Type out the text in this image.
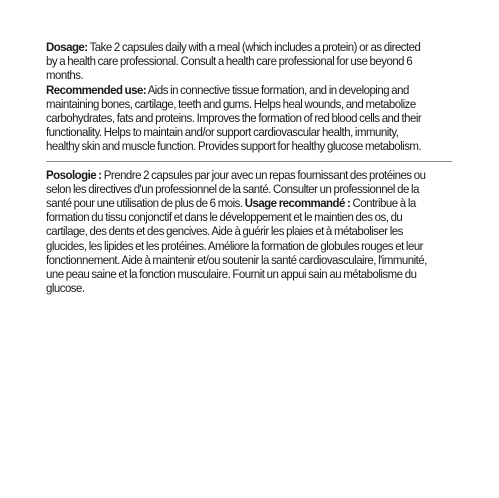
Dosage: Take 2 capsules daily with a meal (which includes a protein) or as directed by a health care professional. Consult a health care professional for use beyond 6 months.
Recommended use: Aids in connective tissue formation, and in developing and maintaining bones, cartilage, teeth and gums. Helps heal wounds, and metabolize carbohydrates, fats and proteins. Improves the formation of red blood cells and their functionality. Helps to maintain and/or support cardiovascular health, immunity, healthy skin and muscle function. Provides support for healthy glucose metabolism.

Posologie : Prendre 2 capsules par jour avec un repas fournissant des protéines ou selon les directives d'un professionnel de la santé. Consulter un professionnel de la santé pour une utilisation de plus de 6 mois. Usage recommandé : Contribue à la formation du tissu conjonctif et dans le développement et le maintien des os, du cartilage, des dents et des gencives. Aide à guérir les plaies et à métaboliser les glucides, les lipides et les protéines. Améliore la formation de globules rouges et leur fonctionnement. Aide à maintenir et/ou soutenir la santé cardiovasculaire, l'immunité, une peau saine et la fonction musculaire. Fournit un appui sain au métabolisme du glucose.
